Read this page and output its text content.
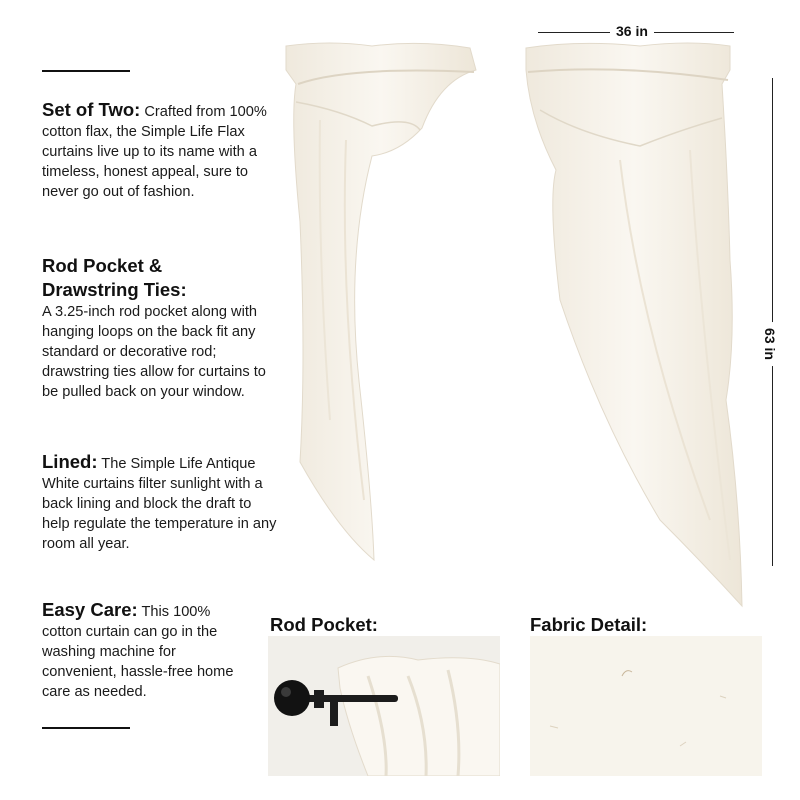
Set of Two: Crafted from 100% cotton flax, the Simple Life Flax curtains live up to its name with a timeless, honest appeal, sure to never go out of fashion.
Rod Pocket & Drawstring Ties:
A 3.25-inch rod pocket along with hanging loops on the back fit any standard or decorative rod; drawstring ties allow for curtains to be pulled back on your window.
Lined: The Simple Life Antique White curtains filter sunlight with a back lining and block the draft to help regulate the temperature in any room all year.
Easy Care: This 100% cotton curtain can go in the washing machine for convenient, hassle-free home care as needed.
36 in
63 in
Rod Pocket:	Fabric Detail:
